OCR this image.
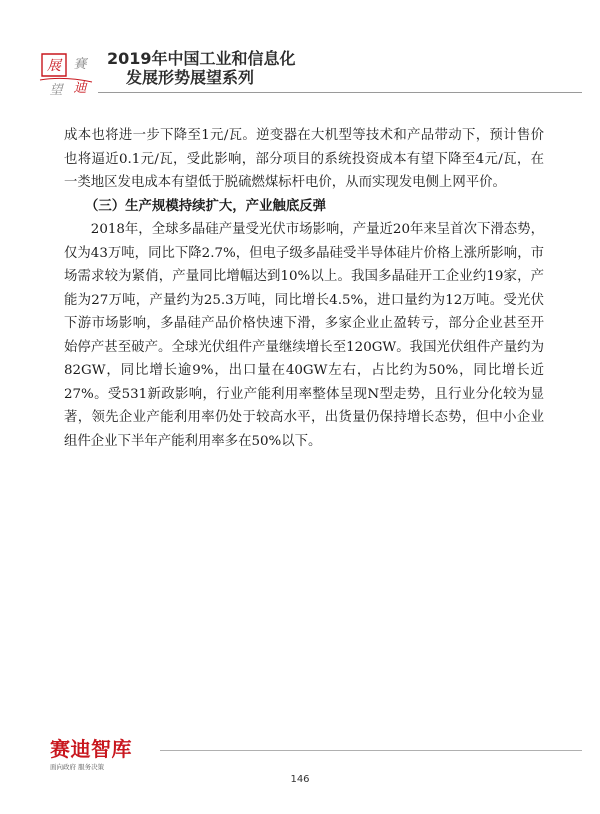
展 賽
望 迪
2019年中国工业和信息化
发展形势展望系列

成本也将进一步下降至1元/瓦。逆变器在大机型等技术和产品带动下，预计售价也将逼近0.1元/瓦，受此影响，部分项目的系统投资成本有望下降至4元/瓦，在一类地区发电成本有望低于脱硫燃煤标杆电价，从而实现发电侧上网平价。

（三）生产规模持续扩大，产业触底反弹

2018年，全球多晶硅产量受光伏市场影响，产量近20年来呈首次下滑态势，仅为43万吨，同比下降2.7%，但电子级多晶硅受半导体硅片价格上涨所影响，市场需求较为紧俏，产量同比增幅达到10%以上。我国多晶硅开工企业约19家，产能为27万吨，产量约为25.3万吨，同比增长4.5%，进口量约为12万吨。受光伏下游市场影响，多晶硅产品价格快速下滑，多家企业止盈转亏，部分企业甚至开始停产甚至破产。全球光伏组件产量继续增长至120GW。我国光伏组件产量约为82GW，同比增长逾9%，出口量在40GW左右，占比约为50%，同比增长近27%。受531新政影响，行业产能利用率整体呈现N型走势，且行业分化较为显著，领先企业产能利用率仍处于较高水平，出货量仍保持增长态势，但中小企业组件企业下半年产能利用率多在50%以下。

赛迪智库
面向政府 服务决策
146
